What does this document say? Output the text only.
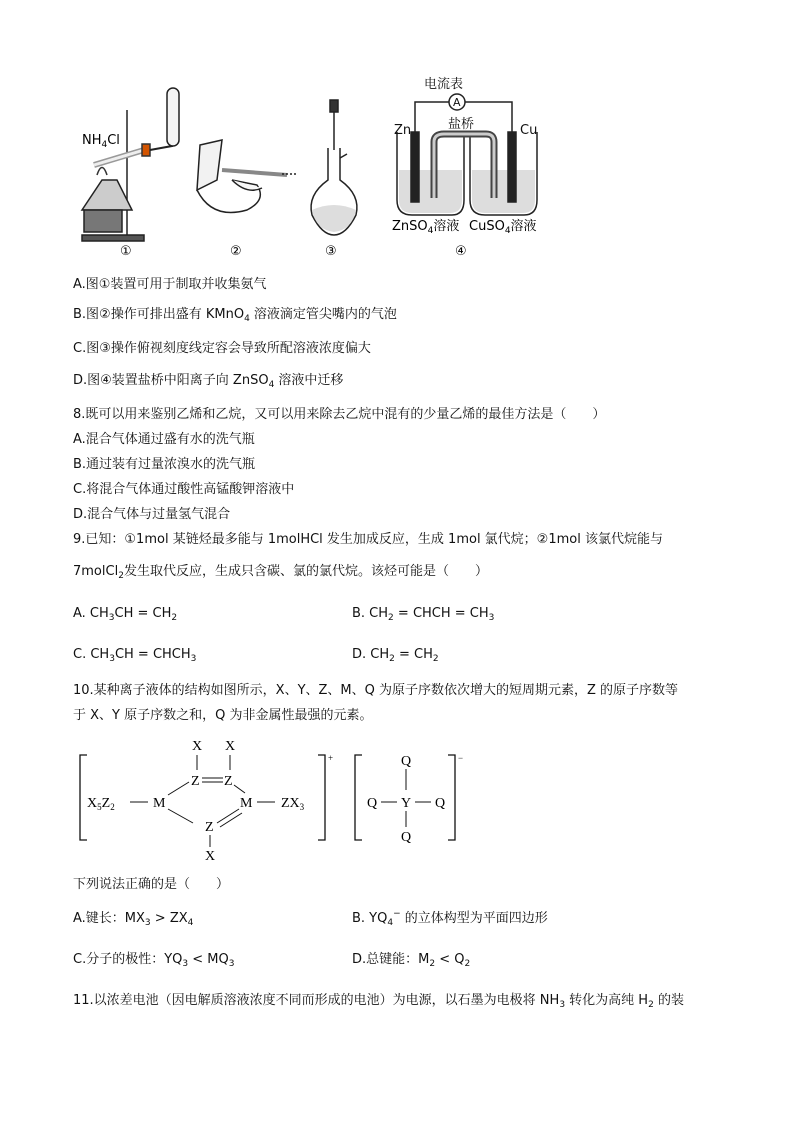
$NH_4Cl$
①	②	③
电流表
A
盐桥
Zn	Cu
ZnSO$_4$溶液 CuSO$_4$溶液
④
A.图①装置可用于制取并收集氨气
B.图②操作可排出盛有 KMnO$_4$ 溶液滴定管尖嘴内的气泡
C.图③操作俯视刻度线定容会导致所配溶液浓度偏大
D.图④装置盐桥中阳离子向 ZnSO$_4$ 溶液中迁移
8.既可以用来鉴别乙烯和乙烷，又可以用来除去乙烷中混有的少量乙烯的最佳方法是（　　）
A.混合气体通过盛有水的洗气瓶
B.通过装有过量浓溴水的洗气瓶
C.将混合气体通过酸性高锰酸钾溶液中
D.混合气体与过量氢气混合
9.已知：①1mol 某链烃最多能与 1molHCl 发生加成反应，生成 1mol 氯代烷；②1mol 该氯代烷能与
7molCl$_2$发生取代反应，生成只含碳、氯的氯代烷。该烃可能是（　　）
A. $CH_3CH = CH_2$	B. $CH_2$ = CHCH = $CH_3$
C. $CH_3CH$ = $CHCH_3$	D. $CH_2 = CH_2$
10.某种离子液体的结构如图所示，X、Y、Z、M、Q 为原子序数依次增大的短周期元素，Z 的原子序数等
于 X、Y 原子序数之和，Q 为非金属性最强的元素。
+
X X
Z Z
$X_5Z_2$	M	M $ZX_3$
Z
X
−
Q
Q Y Q
Q
下列说法正确的是（　　）
A.键长：$MX_3 > ZX_4$	B. $YQ_4^-$ 的立体构型为平面四边形
C.分子的极性：$YQ_3 < MQ_3$	D.总键能：$M_2 < Q_2$
11.以浓差电池（因电解质溶液浓度不同而形成的电池）为电源，以石墨为电极将 $NH_3$ 转化为高纯 $H_2$ 的装
